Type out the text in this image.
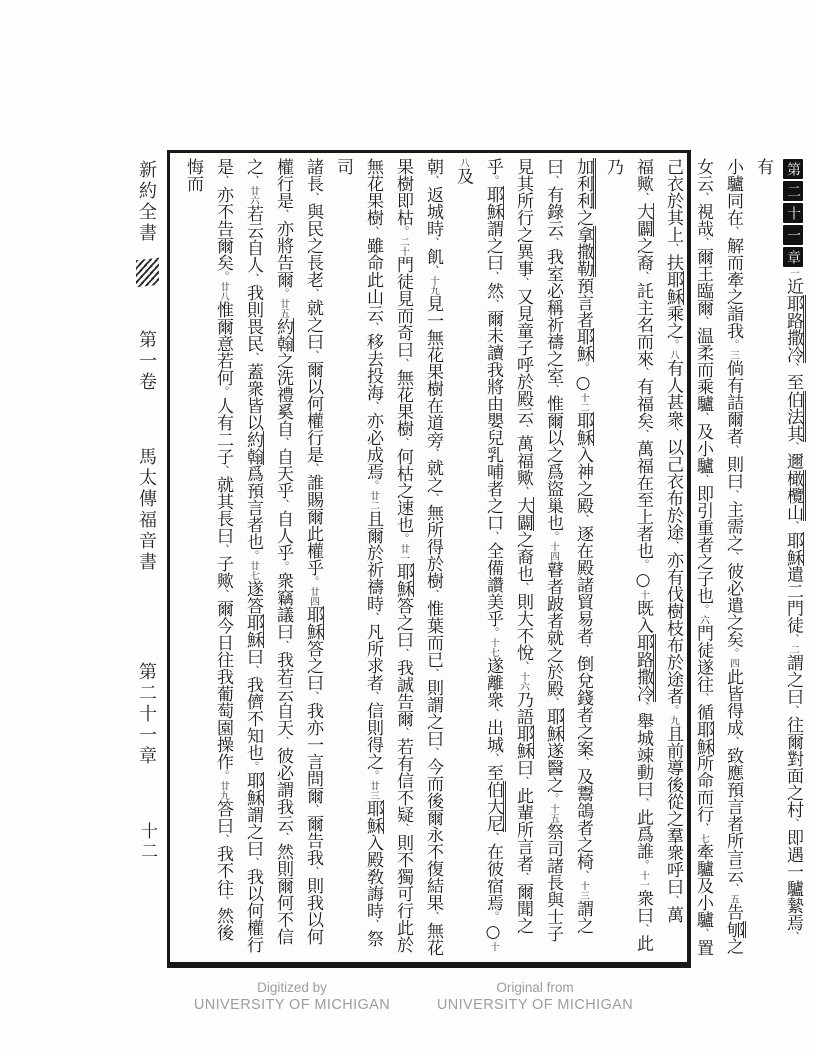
新約全書
第一卷
馬太傳福音書
第二十一章
十二
第二十一章一近耶路撒冷、至伯法其、邇橄欖山、耶穌遣二門徒、二謂之曰、往爾對面之村、即遇一驢縶焉、有
小驢同在、解而牽之詣我。三倘有詰爾者、則曰、主需之、彼必遣之矣。四此皆得成、致應預言者所言云、五告郇之
女云、視哉、爾王臨爾、温柔而乘驢、及小驢、即引重者之子也。六門徒遂往、循耶穌所命而行、七牽驢及小驢、置
己衣於其上、扶耶穌乘之。八有人甚衆、以己衣布於途、亦有伐樹枝布於途者。九且前導後從之羣衆呼曰、萬
福歟、大闢之裔、託主名而來、有福矣、萬福在至上者也。○十既入耶路撒冷、舉城竦動曰、此爲誰。十一衆曰、此乃
加利利之拿撒勒預言者耶穌。○十二耶穌入神之殿、逐在殿諸貿易者、倒兌錢者之案、及鬻鴿者之椅、十三謂之
曰、有錄云、我室必稱祈禱之室、惟爾以之爲盜巢也。十四瞽者跛者就之於殿、耶穌遂醫之。十五祭司諸長與士子
見其所行之異事、又見童子呼於殿云、萬福歟、大闢之裔也、則大不悅、十六乃語耶穌曰、此輩所言者、爾聞之
乎。耶穌謂之曰、然、爾未讀我將由嬰兒乳哺者之口、全備讚美乎。十七遂離衆、出城、至伯大尼、在彼宿焉。○十八及
朝、返城時、飢、十九見一無花果樹在道旁、就之、無所得於樹、惟葉而已、則謂之曰、今而後爾永不復結果、無花
果樹即枯。二十門徒見而奇曰、無花果樹、何枯之速也。廿一耶穌答之曰、我誠告爾、若有信不疑、則不獨可行此於
無花果樹、雖命此山云、移去投海、亦必成焉。廿二且爾於祈禱時、凡所求者、信則得之。廿三耶穌入殿敎誨時、祭司
諸長、與民之長老、就之曰、爾以何權行是、誰賜爾此權乎。廿四耶穌答之曰、我亦一言問爾、爾告我、則我以何
權行是、亦將告爾。廿五約翰之洗禮奚自、自天乎、自人乎。衆竊議曰、我若云自天、彼必謂我云、然則爾何不信
之、廿六若云自人、我則畏民、蓋衆皆以約翰爲預言者也。廿七遂答耶穌曰、我儕不知也。耶穌謂之曰、我以何權行
是、亦不告爾矣。廿八惟爾意若何。人有二子、就其長曰、子歟、爾今日往我葡萄園操作。廿九答曰、我不往、然後悔而
Digitized by
UNIVERSITY OF MICHIGAN
Original from
UNIVERSITY OF MICHIGAN
